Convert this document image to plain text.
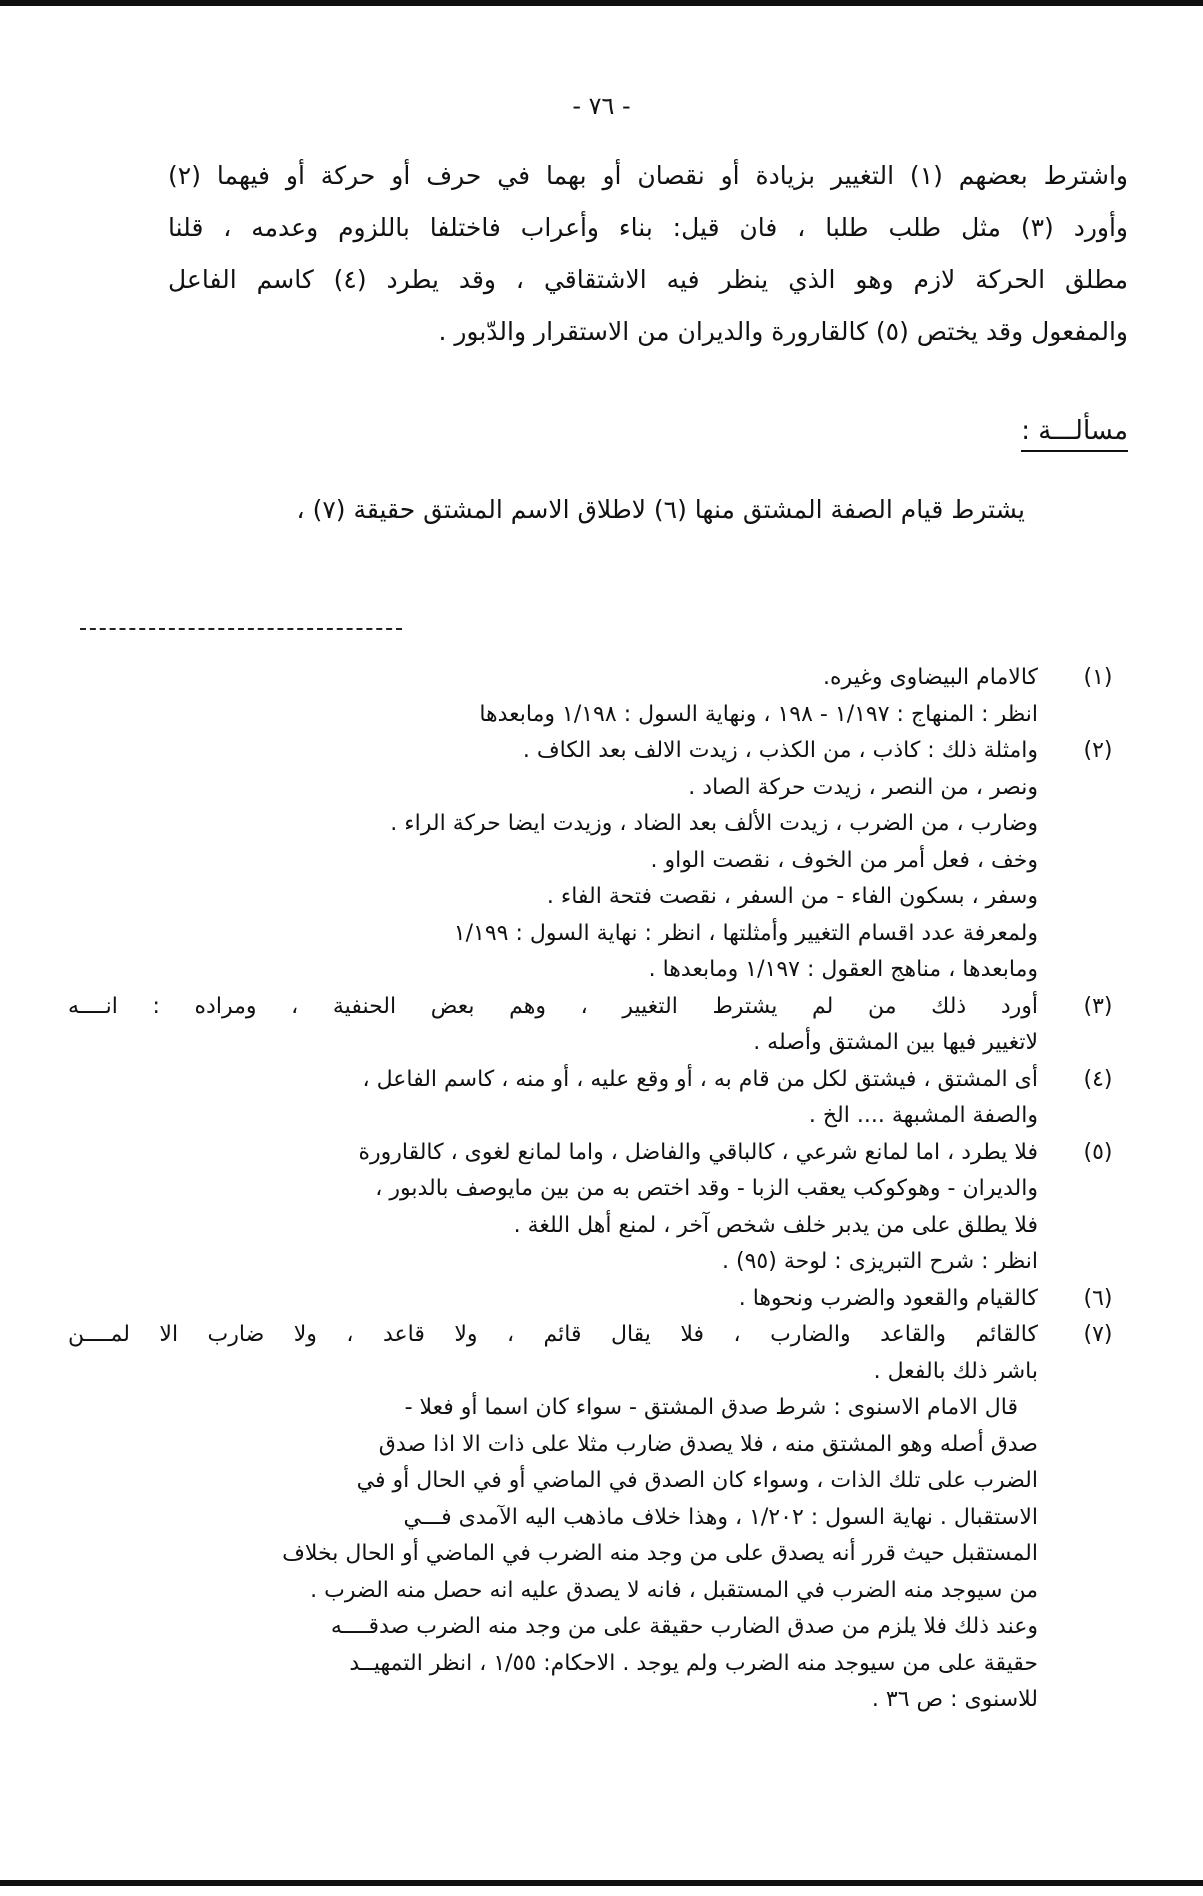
- ٧٦ -
واشترط بعضهم (١) التغيير بزيادة أو نقصان أو بهما في حرف أو حركة أو فيهما (٢)
وأورد (٣) مثل طلب طلبا ، فان قيل: بناء وأعراب فاختلفا باللزوم وعدمه ، قلنا
مطلق الحركة لازم وهو الذي ينظر فيه الاشتقاقي ، وقد يطرد (٤) كاسم الفاعل
والمفعول وقد يختص (٥) كالقارورة والديران من الاستقرار والدّبور .
مسألـــة :
يشترط قيام الصفة المشتق منها (٦) لاطلاق الاسم المشتق حقيقة (٧) ،
(١)
كالامام البيضاوى وغيره.
انظر : المنهاج : ١/١٩٧ - ١٩٨ ، ونهاية السول : ١/١٩٨ ومابعدها
(٢)
وامثلة ذلك : كاذب ، من الكذب ، زيدت الالف بعد الكاف .
ونصر ، من النصر ، زيدت حركة الصاد .
وضارب ، من الضرب ، زيدت الألف بعد الضاد ، وزيدت ايضا حركة الراء .
وخف ، فعل أمر من الخوف ، نقصت الواو .
وسفر ، بسكون الفاء - من السفر ، نقصت فتحة الفاء .
ولمعرفة عدد اقسام التغيير وأمثلتها ، انظر : نهاية السول : ١/١٩٩
ومابعدها ، مناهج العقول : ١/١٩٧ ومابعدها .
(٣)
أورد ذلك من لم يشترط التغيير ، وهم بعض الحنفية ، ومراده : انــــه
لاتغيير فيها بين المشتق وأصله .
(٤)
أى المشتق ، فيشتق لكل من قام به ، أو وقع عليه ، أو منه ، كاسم الفاعل ،
والصفة المشبهة .... الخ .
(٥)
فلا يطرد ، اما لمانع شرعي ، كالباقي والفاضل ، واما لمانع لغوى ، كالقارورة
والديران - وهوكوكب يعقب الزبا - وقد اختص به من بين مايوصف بالدبور ،
فلا يطلق على من يدبر خلف شخص آخر ، لمنع أهل اللغة .
انظر : شرح التبريزى : لوحة (٩٥) .
(٦)
كالقيام والقعود والضرب ونحوها .
(٧)
كالقائم والقاعد والضارب ، فلا يقال قائم ، ولا قاعد ، ولا ضارب الا لمــــن
باشر ذلك بالفعل .
قال الامام الاسنوى : شرط صدق المشتق - سواء كان اسما أو فعلا -
صدق أصله وهو المشتق منه ، فلا يصدق ضارب مثلا على ذات الا اذا صدق
الضرب على تلك الذات ، وسواء كان الصدق في الماضي أو في الحال أو في
الاستقبال . نهاية السول : ١/٢٠٢ ، وهذا خلاف ماذهب اليه الآمدى فـــي
المستقبل حيث قرر أنه يصدق على من وجد منه الضرب في الماضي أو الحال بخلاف
من سيوجد منه الضرب في المستقبل ، فانه لا يصدق عليه انه حصل منه الضرب .
وعند ذلك فلا يلزم من صدق الضارب حقيقة على من وجد منه الضرب صدقــــه
حقيقة على من سيوجد منه الضرب ولم يوجد . الاحكام: ١/٥٥ ، انظر التمهيــد
للاسنوى : ص ٣٦ .
